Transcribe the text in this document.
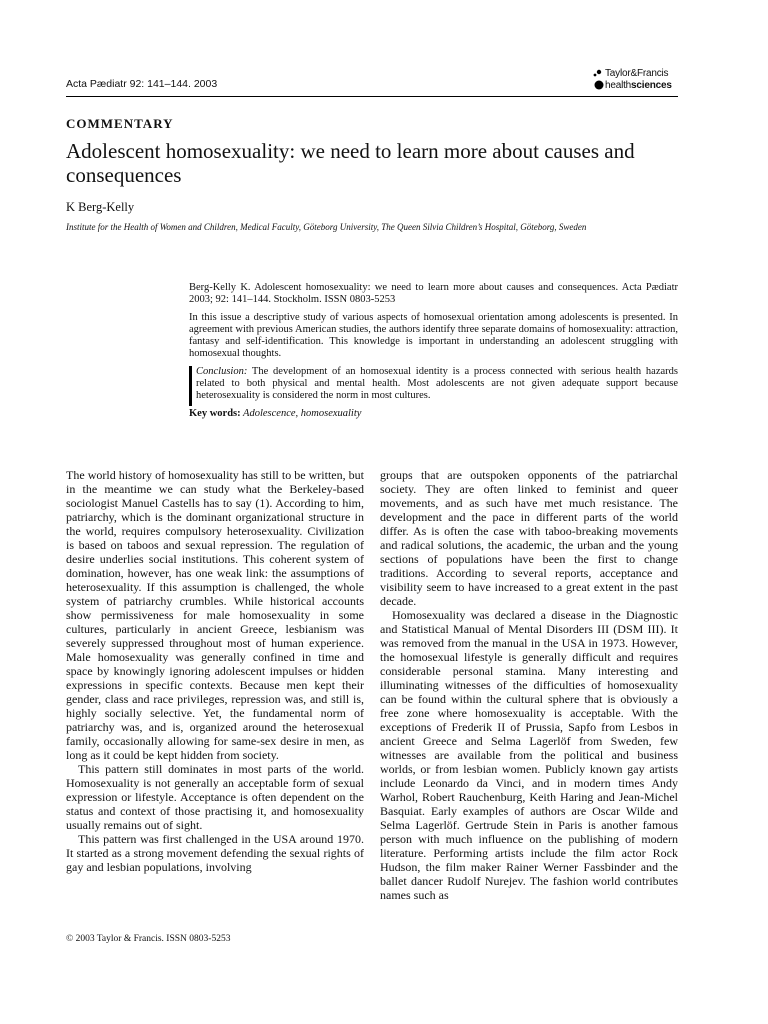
Acta Pædiatr 92: 141–144. 2003
Taylor&Francis
healthsciences
COMMENTARY
Adolescent homosexuality: we need to learn more about causes and consequences
K Berg-Kelly
Institute for the Health of Women and Children, Medical Faculty, Göteborg University, The Queen Silvia Children’s Hospital, Göteborg, Sweden

Berg-Kelly K. Adolescent homosexuality: we need to learn more about causes and consequences. Acta Pædiatr 2003; 92: 141–144. Stockholm. ISSN 0803-5253

In this issue a descriptive study of various aspects of homosexual orientation among adolescents is presented. In agreement with previous American studies, the authors identify three separate domains of homosexuality: attraction, fantasy and self-identification. This knowledge is important in understanding an adolescent struggling with homosexual thoughts.

Conclusion: The development of an homosexual identity is a process connected with serious health hazards related to both physical and mental health. Most adolescents are not given adequate support because heterosexuality is considered the norm in most cultures.

Key words: Adolescence, homosexuality

The world history of homosexuality has still to be written, but in the meantime we can study what the Berkeley-based sociologist Manuel Castells has to say (1). According to him, patriarchy, which is the dominant organizational structure in the world, requires compulsory heterosexuality. Civilization is based on taboos and sexual repression. The regulation of desire underlies social institutions. This coherent system of domination, however, has one weak link: the assumptions of heterosexuality. If this assumption is challenged, the whole system of patriarchy crumbles. While historical accounts show permissiveness for male homosexuality in some cultures, particularly in ancient Greece, lesbianism was severely suppressed throughout most of human experience. Male homosexuality was generally confined in time and space by knowingly ignoring adolescent impulses or hidden expressions in specific contexts. Because men kept their gender, class and race privileges, repression was, and still is, highly socially selective. Yet, the fundamental norm of patriarchy was, and is, organized around the heterosexual family, occasionally allowing for same-sex desire in men, as long as it could be kept hidden from society.

This pattern still dominates in most parts of the world. Homosexuality is not generally an acceptable form of sexual expression or lifestyle. Acceptance is often dependent on the status and context of those practising it, and homosexuality usually remains out of sight.

This pattern was first challenged in the USA around 1970. It started as a strong movement defending the sexual rights of gay and lesbian populations, involving

groups that are outspoken opponents of the patriarchal society. They are often linked to feminist and queer movements, and as such have met much resistance. The development and the pace in different parts of the world differ. As is often the case with taboo-breaking movements and radical solutions, the academic, the urban and the young sections of populations have been the first to change traditions. According to several reports, acceptance and visibility seem to have increased to a great extent in the past decade.

Homosexuality was declared a disease in the Diagnostic and Statistical Manual of Mental Disorders III (DSM III). It was removed from the manual in the USA in 1973. However, the homosexual lifestyle is generally difficult and requires considerable personal stamina. Many interesting and illuminating witnesses of the difficulties of homosexuality can be found within the cultural sphere that is obviously a free zone where homosexuality is acceptable. With the exceptions of Frederik II of Prussia, Sapfo from Lesbos in ancient Greece and Selma Lagerlöf from Sweden, few witnesses are available from the political and business worlds, or from lesbian women. Publicly known gay artists include Leonardo da Vinci, and in modern times Andy Warhol, Robert Rauchenburg, Keith Haring and Jean-Michel Basquiat. Early examples of authors are Oscar Wilde and Selma Lagerlöf. Gertrude Stein in Paris is another famous person with much influence on the publishing of modern literature. Performing artists include the film actor Rock Hudson, the film maker Rainer Werner Fassbinder and the ballet dancer Rudolf Nurejev. The fashion world contributes names such as

© 2003 Taylor & Francis. ISSN 0803-5253
